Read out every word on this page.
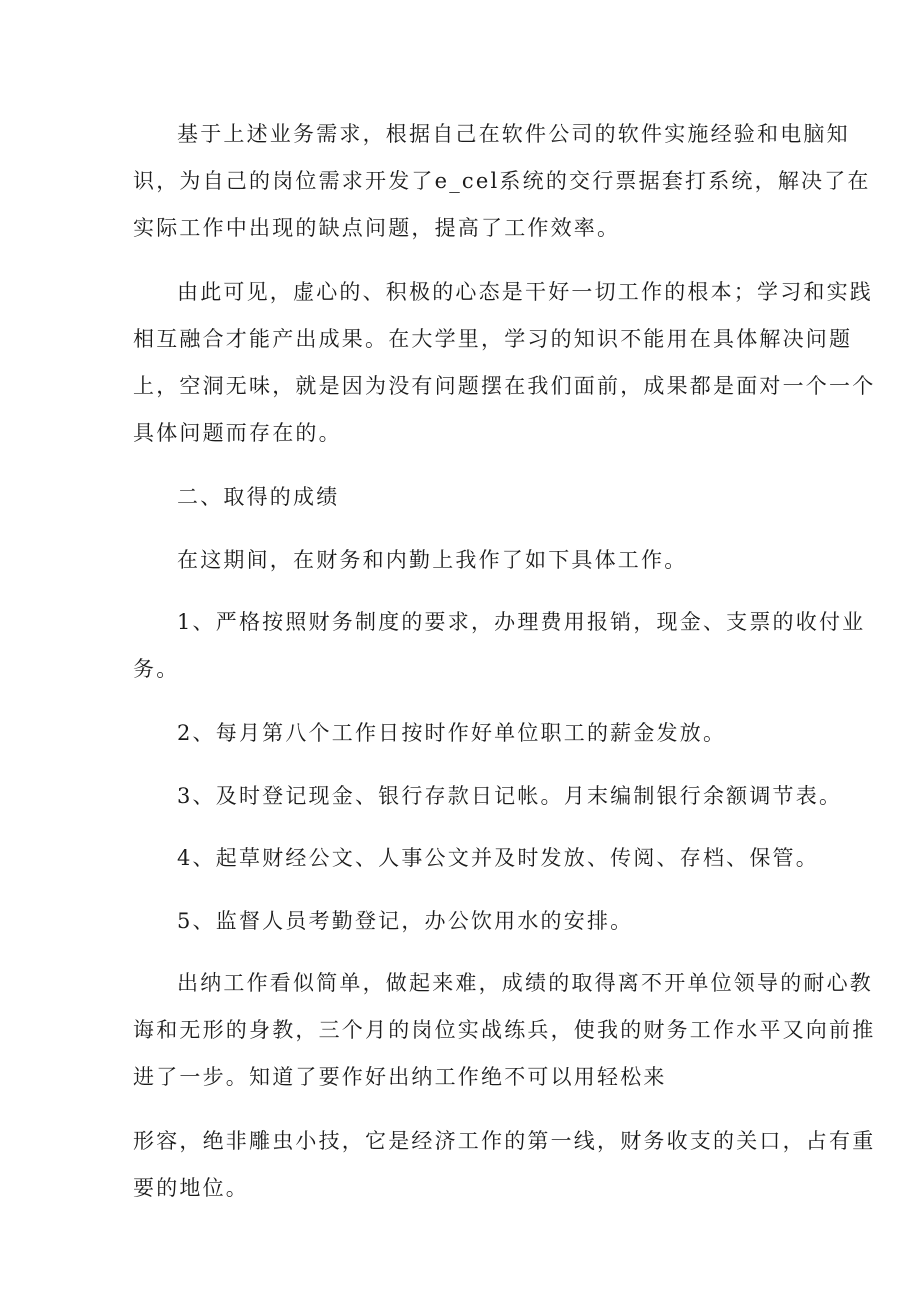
基于上述业务需求，根据自己在软件公司的软件实施经验和电脑知
识，为自己的岗位需求开发了e_cel系统的交行票据套打系统，解决了在
实际工作中出现的缺点问题，提高了工作效率。
由此可见，虚心的、积极的心态是干好一切工作的根本；学习和实践
相互融合才能产出成果。在大学里，学习的知识不能用在具体解决问题
上，空洞无味，就是因为没有问题摆在我们面前，成果都是面对一个一个
具体问题而存在的。
二、取得的成绩
在这期间，在财务和内勤上我作了如下具体工作。
1、严格按照财务制度的要求，办理费用报销，现金、支票的收付业
务。
2、每月第八个工作日按时作好单位职工的薪金发放。
3、及时登记现金、银行存款日记帐。月末编制银行余额调节表。
4、起草财经公文、人事公文并及时发放、传阅、存档、保管。
5、监督人员考勤登记，办公饮用水的安排。
出纳工作看似简单，做起来难，成绩的取得离不开单位领导的耐心教
诲和无形的身教，三个月的岗位实战练兵，使我的财务工作水平又向前推
进了一步。知道了要作好出纳工作绝不可以用轻松来
形容，绝非雕虫小技，它是经济工作的第一线，财务收支的关口，占有重
要的地位。
